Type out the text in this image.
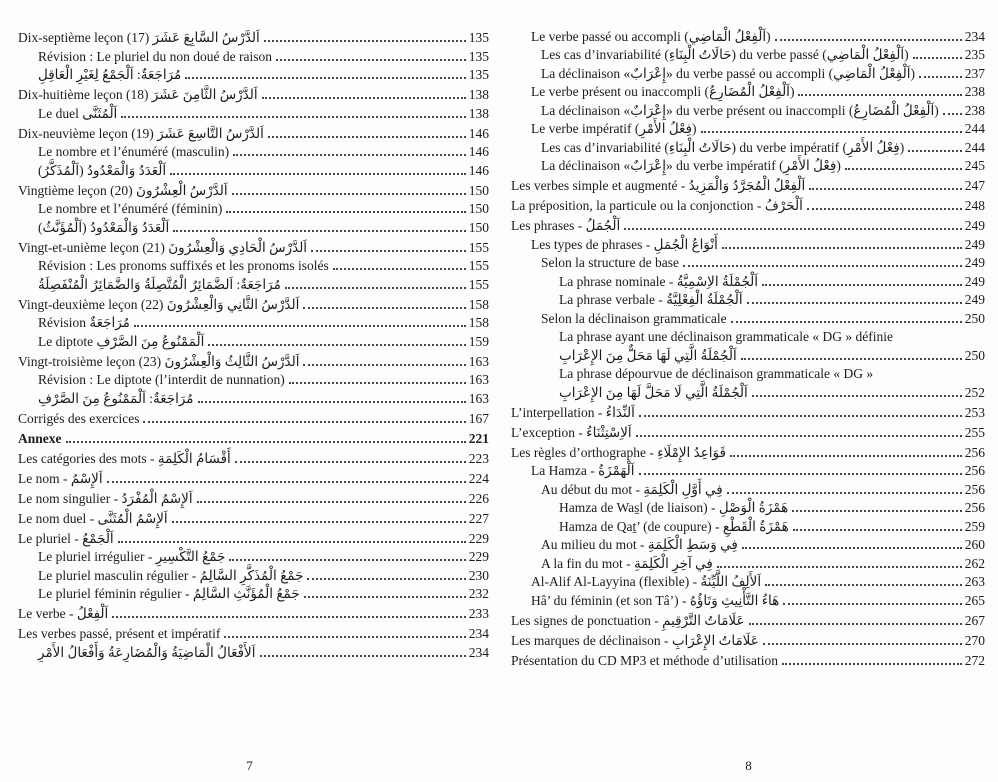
Dix-septième leçon (17) اَلدَّرْسُ السَّابِعَ عَشَرَ	135
Révision : Le pluriel du non doué de raison	135
مُرَاجَعَةٌ: اَلْجَمْعُ لِغَيْرِ الْعَاقِلِ	135
Dix-huitième leçon (18) اَلدَّرْسُ الثَّامِنَ عَشَرَ	138
Le duel اَلْمُثَنَّى	138
Dix-neuvième leçon (19) اَلدَّرْسُ التَّاسِعَ عَشَرَ	146
Le nombre et l’énuméré (masculin)	146
اَلْعَدَدُ وَالْمَعْدُودُ (اَلْمُذَكَّرُ)	146
Vingtième leçon (20) اَلدَّرْسُ الْعِشْرُونَ	150
Le nombre et l’énuméré (féminin)	150
اَلْعَدَدُ وَالْمَعْدُودُ (اَلْمُؤَنَّثُ)	150
Vingt-et-unième leçon (21) اَلدَّرْسُ الْحَادِي وَالْعِشْرُونَ	155
Révision : Les pronoms suffixés et les pronoms isolés	155
مُرَاجَعَةٌ: اَلضَّمَائِرُ الْمُتَّصِلَةُ وَالضَّمَائِرُ الْمُنْفَصِلَةُ	155
Vingt-deuxième leçon (22) اَلدَّرْسُ الثَّانِي وَالْعِشْرُونَ	158
Révision مُرَاجَعَةٌ	158
Le diptote اَلْمَمْنُوعُ مِنَ الصَّرْفِ	159
Vingt-troisième leçon (23) اَلدَّرْسُ الثَّالِثُ وَالْعِشْرُونَ	163
Révision : Le diptote (l’interdit de nunnation)	163
مُرَاجَعَةٌ: اَلْمَمْنُوعُ مِنَ الصَّرْفِ	163
Corrigés des exercices	167
Annexe	221
Les catégories des mots - أَقْسَامُ الْكَلِمَةِ	223
Le nom - اَلإِسْمُ	224
Le nom singulier - اَلإِسْمُ الْمُفْرَدُ	226
Le nom duel - اَلإِسْمُ الْمُثَنَّى	227
Le pluriel - اَلْجَمْعُ	229
Le pluriel irrégulier - جَمْعُ التَّكْسِيرِ	229
Le pluriel masculin régulier - جَمْعُ الْمُذَكَّرِ السَّالِمُ	230
Le pluriel féminin régulier - جَمْعُ الْمُؤَنَّثِ السَّالِمُ	232
Le verbe - اَلْفِعْلُ	233
Les verbes passé, présent et impératif	234
اَلأَفْعَالُ الْمَاضِيَةُ وَالْمُضَارِعَةُ وَأَفْعَالُ الأَمْرِ	234
7
Le verbe passé ou accompli (اَلْفِعْلُ الْمَاضِي)	234
Les cas d’invariabilité (حَالَاتُ الْبِنَاءِ) du verbe passé (اَلْفِعْلُ الْمَاضِي)	235
La déclinaison «إِعْرَابٌ» du verbe passé ou accompli (اَلْفِعْلُ الْمَاضِي)	237
Le verbe présent ou inaccompli (اَلْفِعْلُ الْمُضَارِعُ)	238
La déclinaison «إِعْرَابٌ» du verbe présent ou inaccompli (اَلْفِعْلُ الْمُضَارِعُ) 238
Le verbe impératif (فِعْلُ الأَمْرِ)	244
Les cas d’invariabilité (حَالَاتُ الْبِنَاءِ) du verbe impératif (فِعْلُ الأَمْرِ)	244
La déclinaison «إِعْرَابٌ» du verbe impératif (فِعْلُ الأَمْرِ)	245
Les verbes simple et augmenté - اَلْفِعْلُ الْمُجَرَّدُ وَالْمَزِيدُ	247
La préposition, la particule ou la conjonction - اَلْحَرْفُ	248
Les phrases - اَلْجُمَلُ	249
Les types de phrases - أَنْوَاعُ الْجُمَلِ	249
Selon la structure de base	249
La phrase nominale - اَلْجُمْلَةُ الاِسْمِيَّةُ	249
La phrase verbale - اَلْجُمْلَةُ الْفِعْلِيَّةُ	249
Selon la déclinaison grammaticale	250
La phrase ayant une déclinaison grammaticale « DG » définie
اَلْجُمْلَةُ الَّتِي لَهَا مَحَلٌّ مِنَ الإِعْرَابِ	250
La phrase dépourvue de déclinaison grammaticale « DG »
اَلْجُمْلَةُ الَّتِي لَا مَحَلَّ لَهَا مِنَ الإِعْرَابِ	252
L’interpellation - اَلنِّدَاءُ	253
L’exception - اَلاِسْتِثْنَاءُ	255
Les règles d’orthographe - قَوَاعِدُ الإِمْلَاءِ	256
La Hamza - اَلْهَمْزَةُ	256
Au début du mot - فِي أَوَّلِ الْكَلِمَةِ	256
Hamza de Was̱l (de liaison) - هَمْزَةُ الْوَصْلِ	256
Hamza de Qaṯ’ (de coupure) - هَمْزَةُ الْقَطْعِ	259
Au milieu du mot - فِي وَسَطِ الْكَلِمَةِ	260
A la fin du mot - فِي آخِرِ الْكَلِمَةِ	262
Al-Alif Al-Layyina (flexible) - اَلأَلِفُ اللَّيِّنَةُ	263
Hâ’ du féminin (et son Tâ’) - هَاءُ التَّأْنِيثِ وَتَاؤُهُ	265
Les signes de ponctuation - عَلَامَاتُ التَّرْقِيمِ	267
Les marques de déclinaison - عَلَامَاتُ الإِعْرَابِ	270
Présentation du CD MP3 et méthode d’utilisation	272
8
